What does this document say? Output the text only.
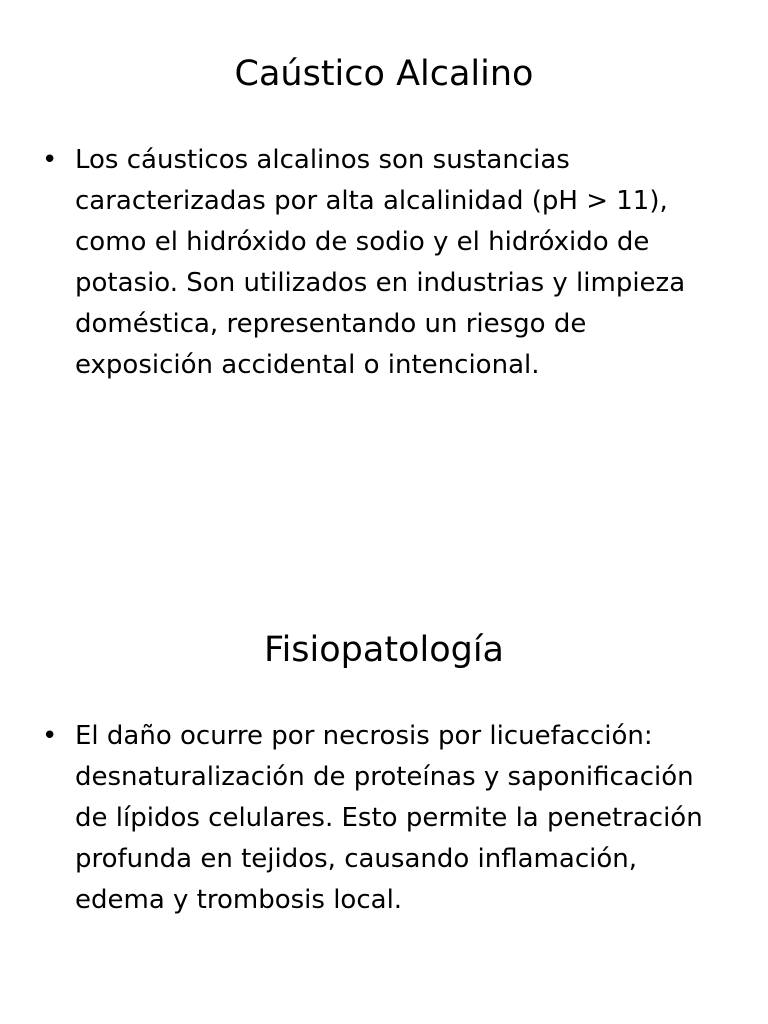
Caústico Alcalino
• Los cáusticos alcalinos son sustancias caracterizadas por alta alcalinidad (pH > 11), como el hidróxido de sodio y el hidróxido de potasio. Son utilizados en industrias y limpieza doméstica, representando un riesgo de exposición accidental o intencional.
Fisiopatología
• El daño ocurre por necrosis por licuefacción: desnaturalización de proteínas y saponificación de lípidos celulares. Esto permite la penetración profunda en tejidos, causando inflamación, edema y trombosis local.
